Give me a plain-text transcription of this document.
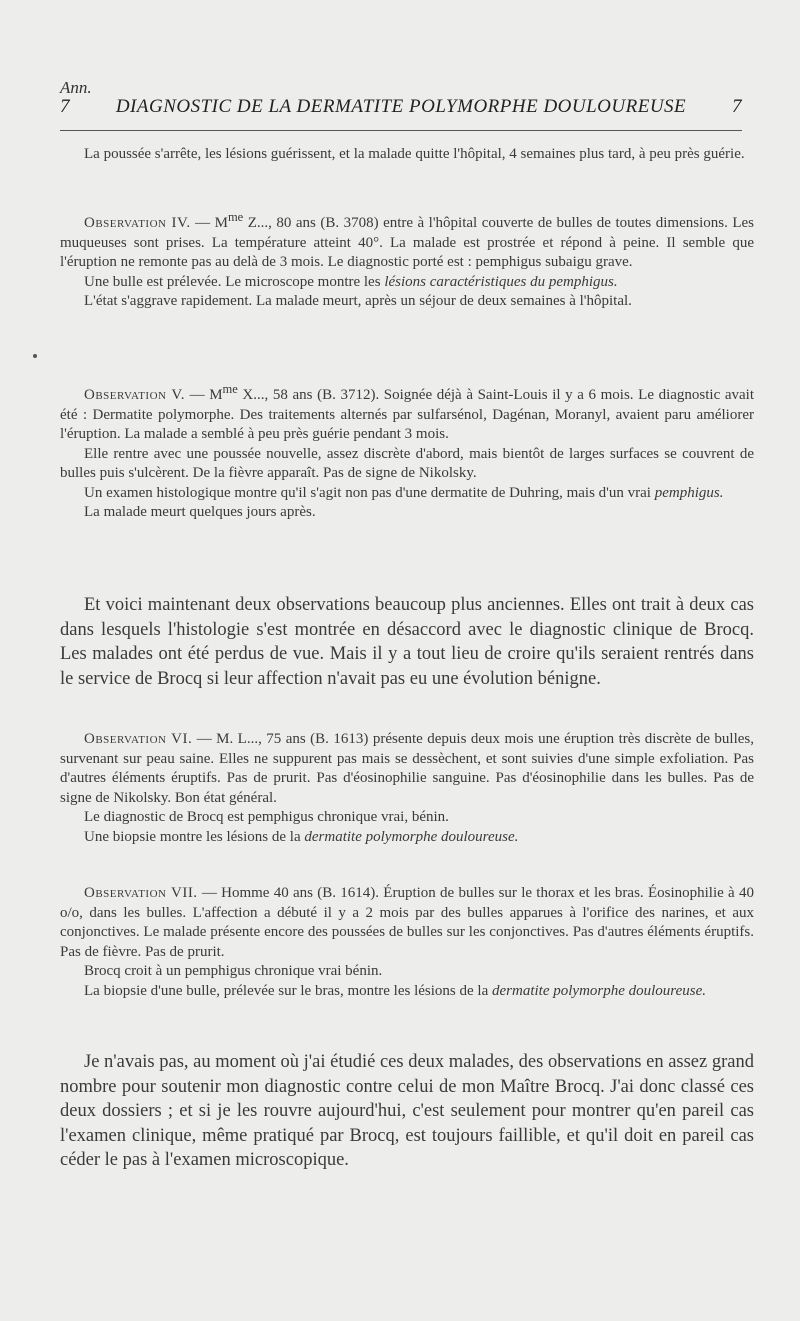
Ann.
7	DIAGNOSTIC DE LA DERMATITE POLYMORPHE DOULOUREUSE	7

La poussée s'arrête, les lésions guérissent, et la malade quitte l'hôpital, 4 semaines plus tard, à peu près guérie.

Observation IV. — $M^{me}$ Z..., 80 ans (B. 3708) entre à l'hôpital couverte de bulles de toutes dimensions. Les muqueuses sont prises. La température atteint 40°. La malade est prostrée et répond à peine. Il semble que l'éruption ne remonte pas au delà de 3 mois. Le diagnostic porté est : pemphigus subaigu grave.

Une bulle est prélevée. Le microscope montre les lésions caractéristiques du pemphigus.

L'état s'aggrave rapidement. La malade meurt, après un séjour de deux semaines à l'hôpital.

Observation V. — $M^{me}$ X..., 58 ans (B. 3712). Soignée déjà à Saint-Louis il y a 6 mois. Le diagnostic avait été : Dermatite polymorphe. Des traitements alternés par sulfarsénol, Dagénan, Moranyl, avaient paru améliorer l'éruption. La malade a semblé à peu près guérie pendant 3 mois.

Elle rentre avec une poussée nouvelle, assez discrète d'abord, mais bientôt de larges surfaces se couvrent de bulles puis s'ulcèrent. De la fièvre apparaît. Pas de signe de Nikolsky.

Un examen histologique montre qu'il s'agit non pas d'une dermatite de Duhring, mais d'un vrai pemphigus.

La malade meurt quelques jours après.

Et voici maintenant deux observations beaucoup plus anciennes. Elles ont trait à deux cas dans lesquels l'histologie s'est montrée en désaccord avec le diagnostic clinique de Brocq. Les malades ont été perdus de vue. Mais il y a tout lieu de croire qu'ils seraient rentrés dans le service de Brocq si leur affection n'avait pas eu une évolution bénigne.

Observation VI. — M. L..., 75 ans (B. 1613) présente depuis deux mois une éruption très discrète de bulles, survenant sur peau saine. Elles ne suppurent pas mais se dessèchent, et sont suivies d'une simple exfoliation. Pas d'autres éléments éruptifs. Pas de prurit. Pas d'éosinophilie sanguine. Pas d'éosinophilie dans les bulles. Pas de signe de Nikolsky. Bon état général.

Le diagnostic de Brocq est pemphigus chronique vrai, bénin.

Une biopsie montre les lésions de la dermatite polymorphe douloureuse.

Observation VII. — Homme 40 ans (B. 1614). Éruption de bulles sur le thorax et les bras. Éosinophilie à 40 o/o, dans les bulles. L'affection a débuté il y a 2 mois par des bulles apparues à l'orifice des narines, et aux conjonctives. Le malade présente encore des poussées de bulles sur les conjonctives. Pas d'autres éléments éruptifs. Pas de fièvre. Pas de prurit.

Brocq croit à un pemphigus chronique vrai bénin.

La biopsie d'une bulle, prélevée sur le bras, montre les lésions de la dermatite polymorphe douloureuse.

Je n'avais pas, au moment où j'ai étudié ces deux malades, des observations en assez grand nombre pour soutenir mon diagnostic contre celui de mon Maître Brocq. J'ai donc classé ces deux dossiers ; et si je les rouvre aujourd'hui, c'est seulement pour montrer qu'en pareil cas l'examen clinique, même pratiqué par Brocq, est toujours faillible, et qu'il doit en pareil cas céder le pas à l'examen microscopique.
